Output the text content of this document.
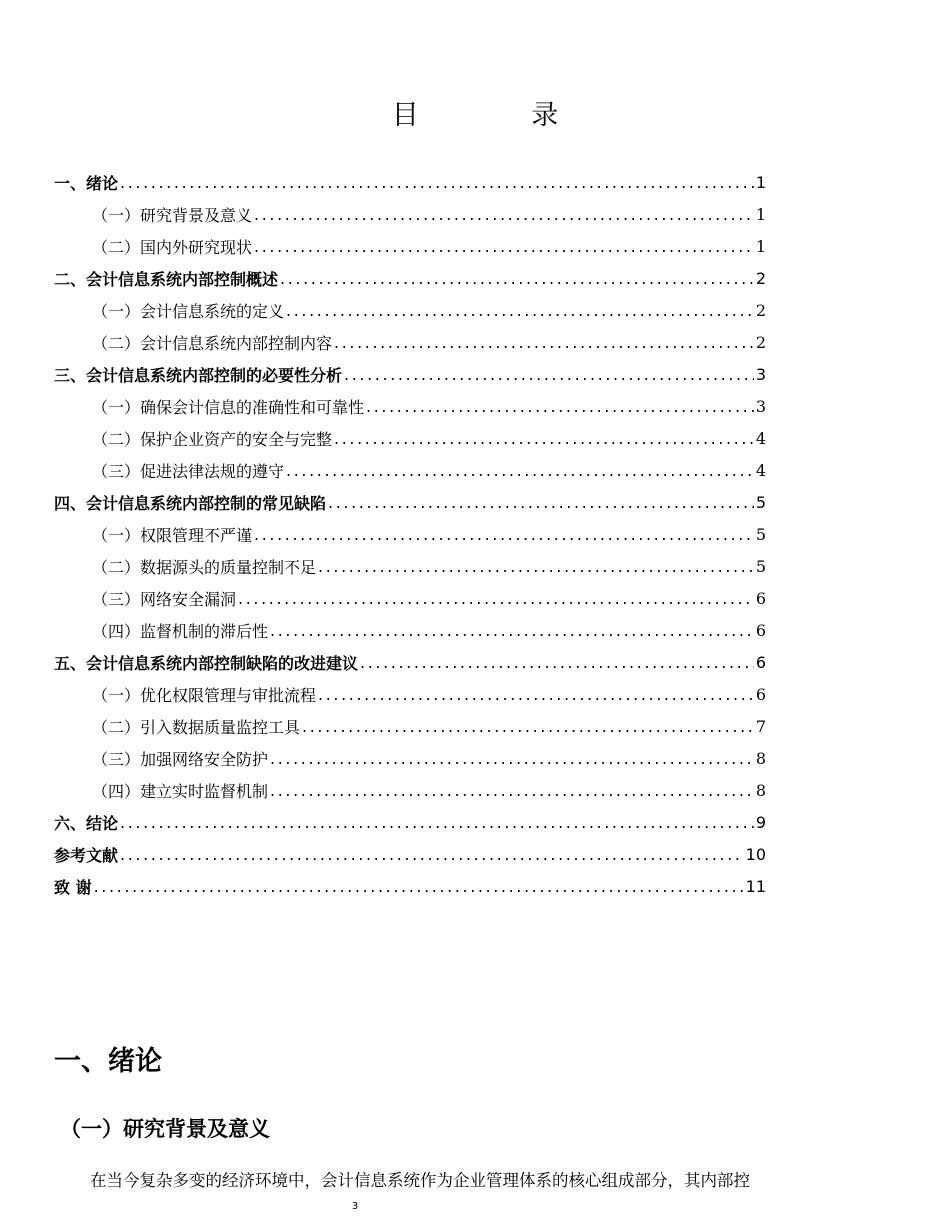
目 录
一、绪论 .....	1
（一）研究背景及意义 .....	1
（二）国内外研究现状 .....	1
二、会计信息系统内部控制概述 .....	2
（一）会计信息系统的定义 .....	2
（二）会计信息系统内部控制内容 .....	2
三、会计信息系统内部控制的必要性分析 .....	3
（一）确保会计信息的准确性和可靠性 .....	3
（二）保护企业资产的安全与完整 .....	4
（三）促进法律法规的遵守 .....	4
四、会计信息系统内部控制的常见缺陷 .....	5
（一）权限管理不严谨 .....	5
（二）数据源头的质量控制不足 .....	5
（三）网络安全漏洞 .....	6
（四）监督机制的滞后性 .....	6
五、会计信息系统内部控制缺陷的改进建议 .....	6
（一）优化权限管理与审批流程 .....	6
（二）引入数据质量监控工具 .....	7
（三）加强网络安全防护 .....	8
（四）建立实时监督机制 .....	8
六、结论 .....	9
参考文献 .....	10
致 谢 .....	11
一、绪论
（一）研究背景及意义
在当今复杂多变的经济环境中，会计信息系统作为企业管理体系的核心组成部分，其内部控
3
